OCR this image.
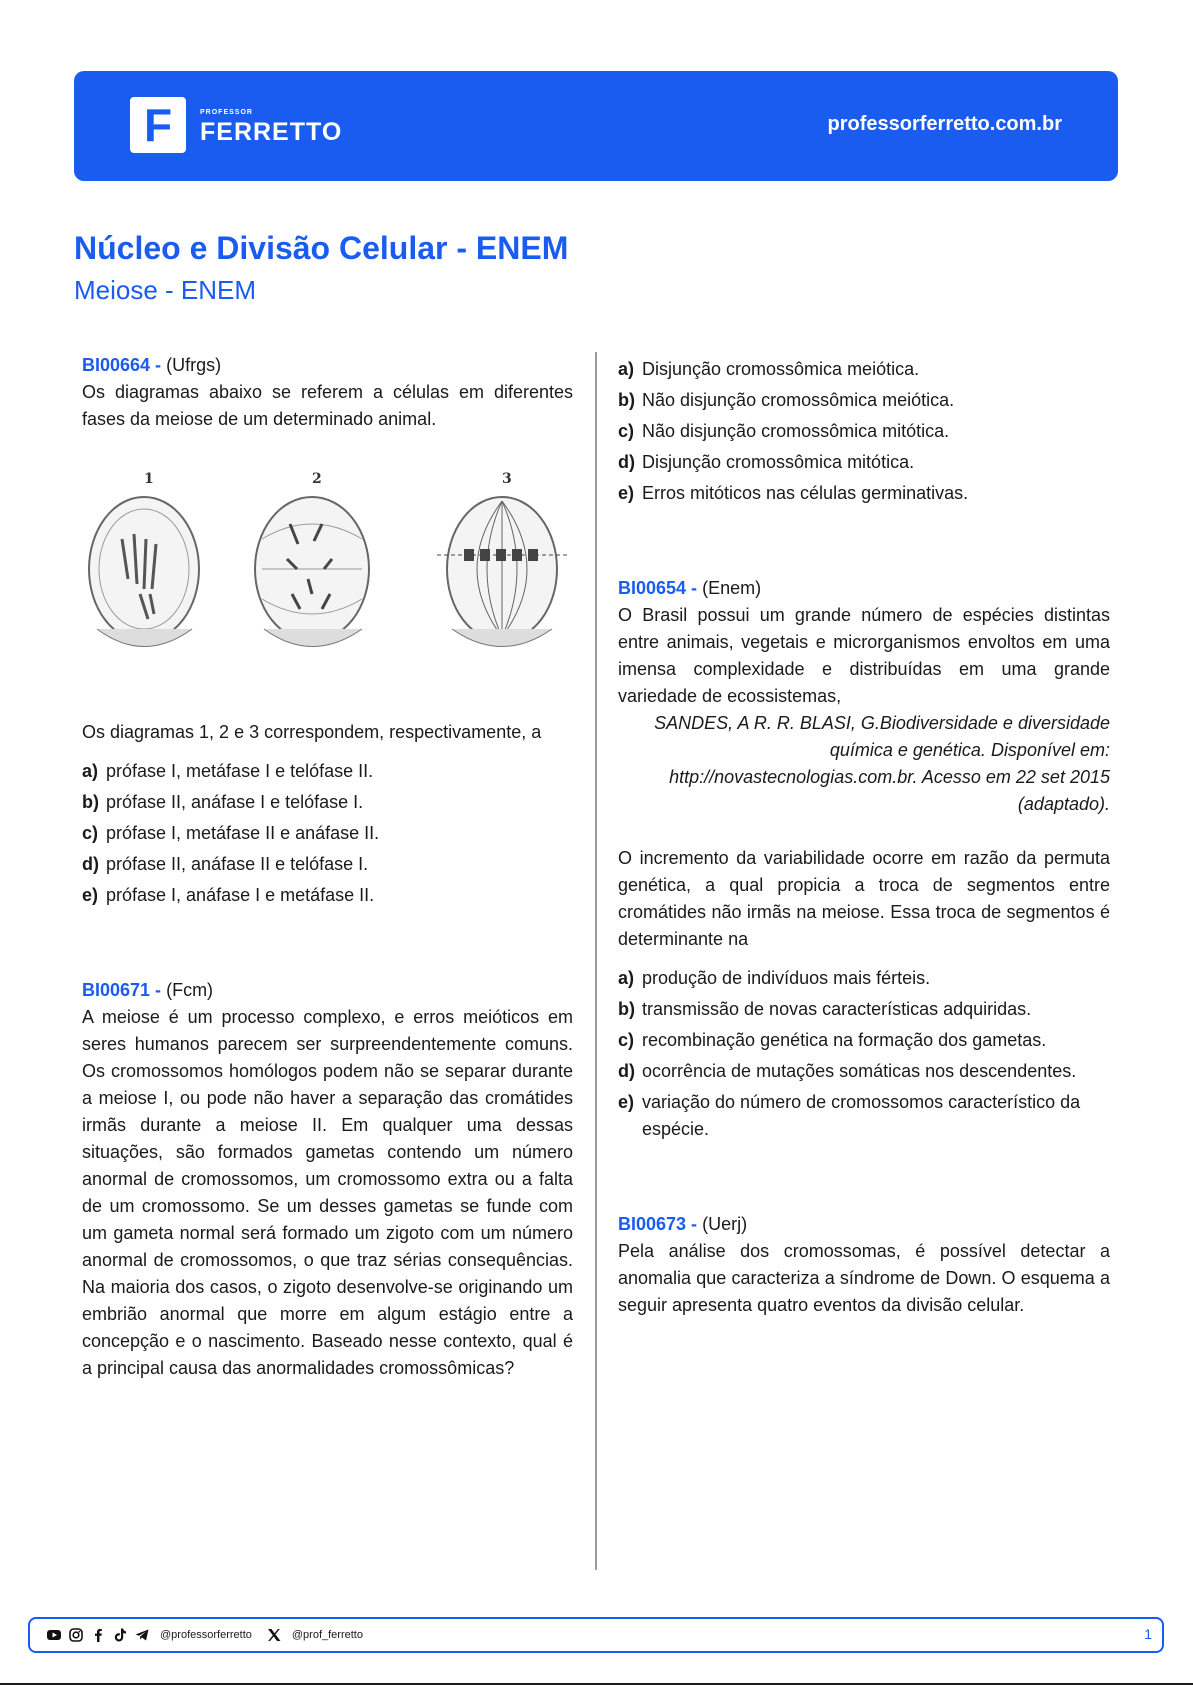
F	PROFESSOR
FERRETTO	professorferretto.com.br
Núcleo e Divisão Celular - ENEM
Meiose - ENEM

BI00664 - (Ufrgs)

Os diagramas abaixo se referem a células em diferentes fases da meiose de um determinado animal.

1	2	3

Os diagramas 1, 2 e 3 correspondem, respectivamente, a

a) prófase I, metáfase I e telófase II.
b) prófase II, anáfase I e telófase I.
c) prófase I, metáfase II e anáfase II.
d) prófase II, anáfase II e telófase I.
e) prófase I, anáfase I e metáfase II.

BI00671 - (Fcm)

A meiose é um processo complexo, e erros meióticos em seres humanos parecem ser surpreendentemente comuns. Os cromossomos homólogos podem não se separar durante a meiose I, ou pode não haver a separação das cromátides irmãs durante a meiose II. Em qualquer uma dessas situações, são formados gametas contendo um número anormal de cromossomos, um cromossomo extra ou a falta de um cromossomo. Se um desses gametas se funde com um gameta normal será formado um zigoto com um número anormal de cromossomos, o que traz sérias consequências. Na maioria dos casos, o zigoto desenvolve-se originando um embrião anormal que morre em algum estágio entre a concepção e o nascimento. Baseado nesse contexto, qual é a principal causa das anormalidades cromossômicas?

a) Disjunção cromossômica meiótica.
b) Não disjunção cromossômica meiótica.
c) Não disjunção cromossômica mitótica.
d) Disjunção cromossômica mitótica.
e) Erros mitóticos nas células germinativas.

BI00654 - (Enem)

O Brasil possui um grande número de espécies distintas entre animais, vegetais e microrganismos envoltos em uma imensa complexidade e distribuídas em uma grande variedade de ecossistemas,

SANDES, A R. R. BLASI, G.Biodiversidade e diversidade

química e genética. Disponível em:

http://novastecnologias.com.br. Acesso em 22 set 2015

(adaptado).

O incremento da variabilidade ocorre em razão da permuta genética, a qual propicia a troca de segmentos entre cromátides não irmãs na meiose. Essa troca de segmentos é determinante na

a) produção de indivíduos mais férteis.
b) transmissão de novas características adquiridas.
c) recombinação genética na formação dos gametas.
d) ocorrência de mutações somáticas nos descendentes.
e) variação do número de cromossomos característico da espécie.

BI00673 - (Uerj)

Pela análise dos cromossomas, é possível detectar a anomalia que caracteriza a síndrome de Down. O esquema a seguir apresenta quatro eventos da divisão celular.

@professorferretto	@prof_ferretto	1
